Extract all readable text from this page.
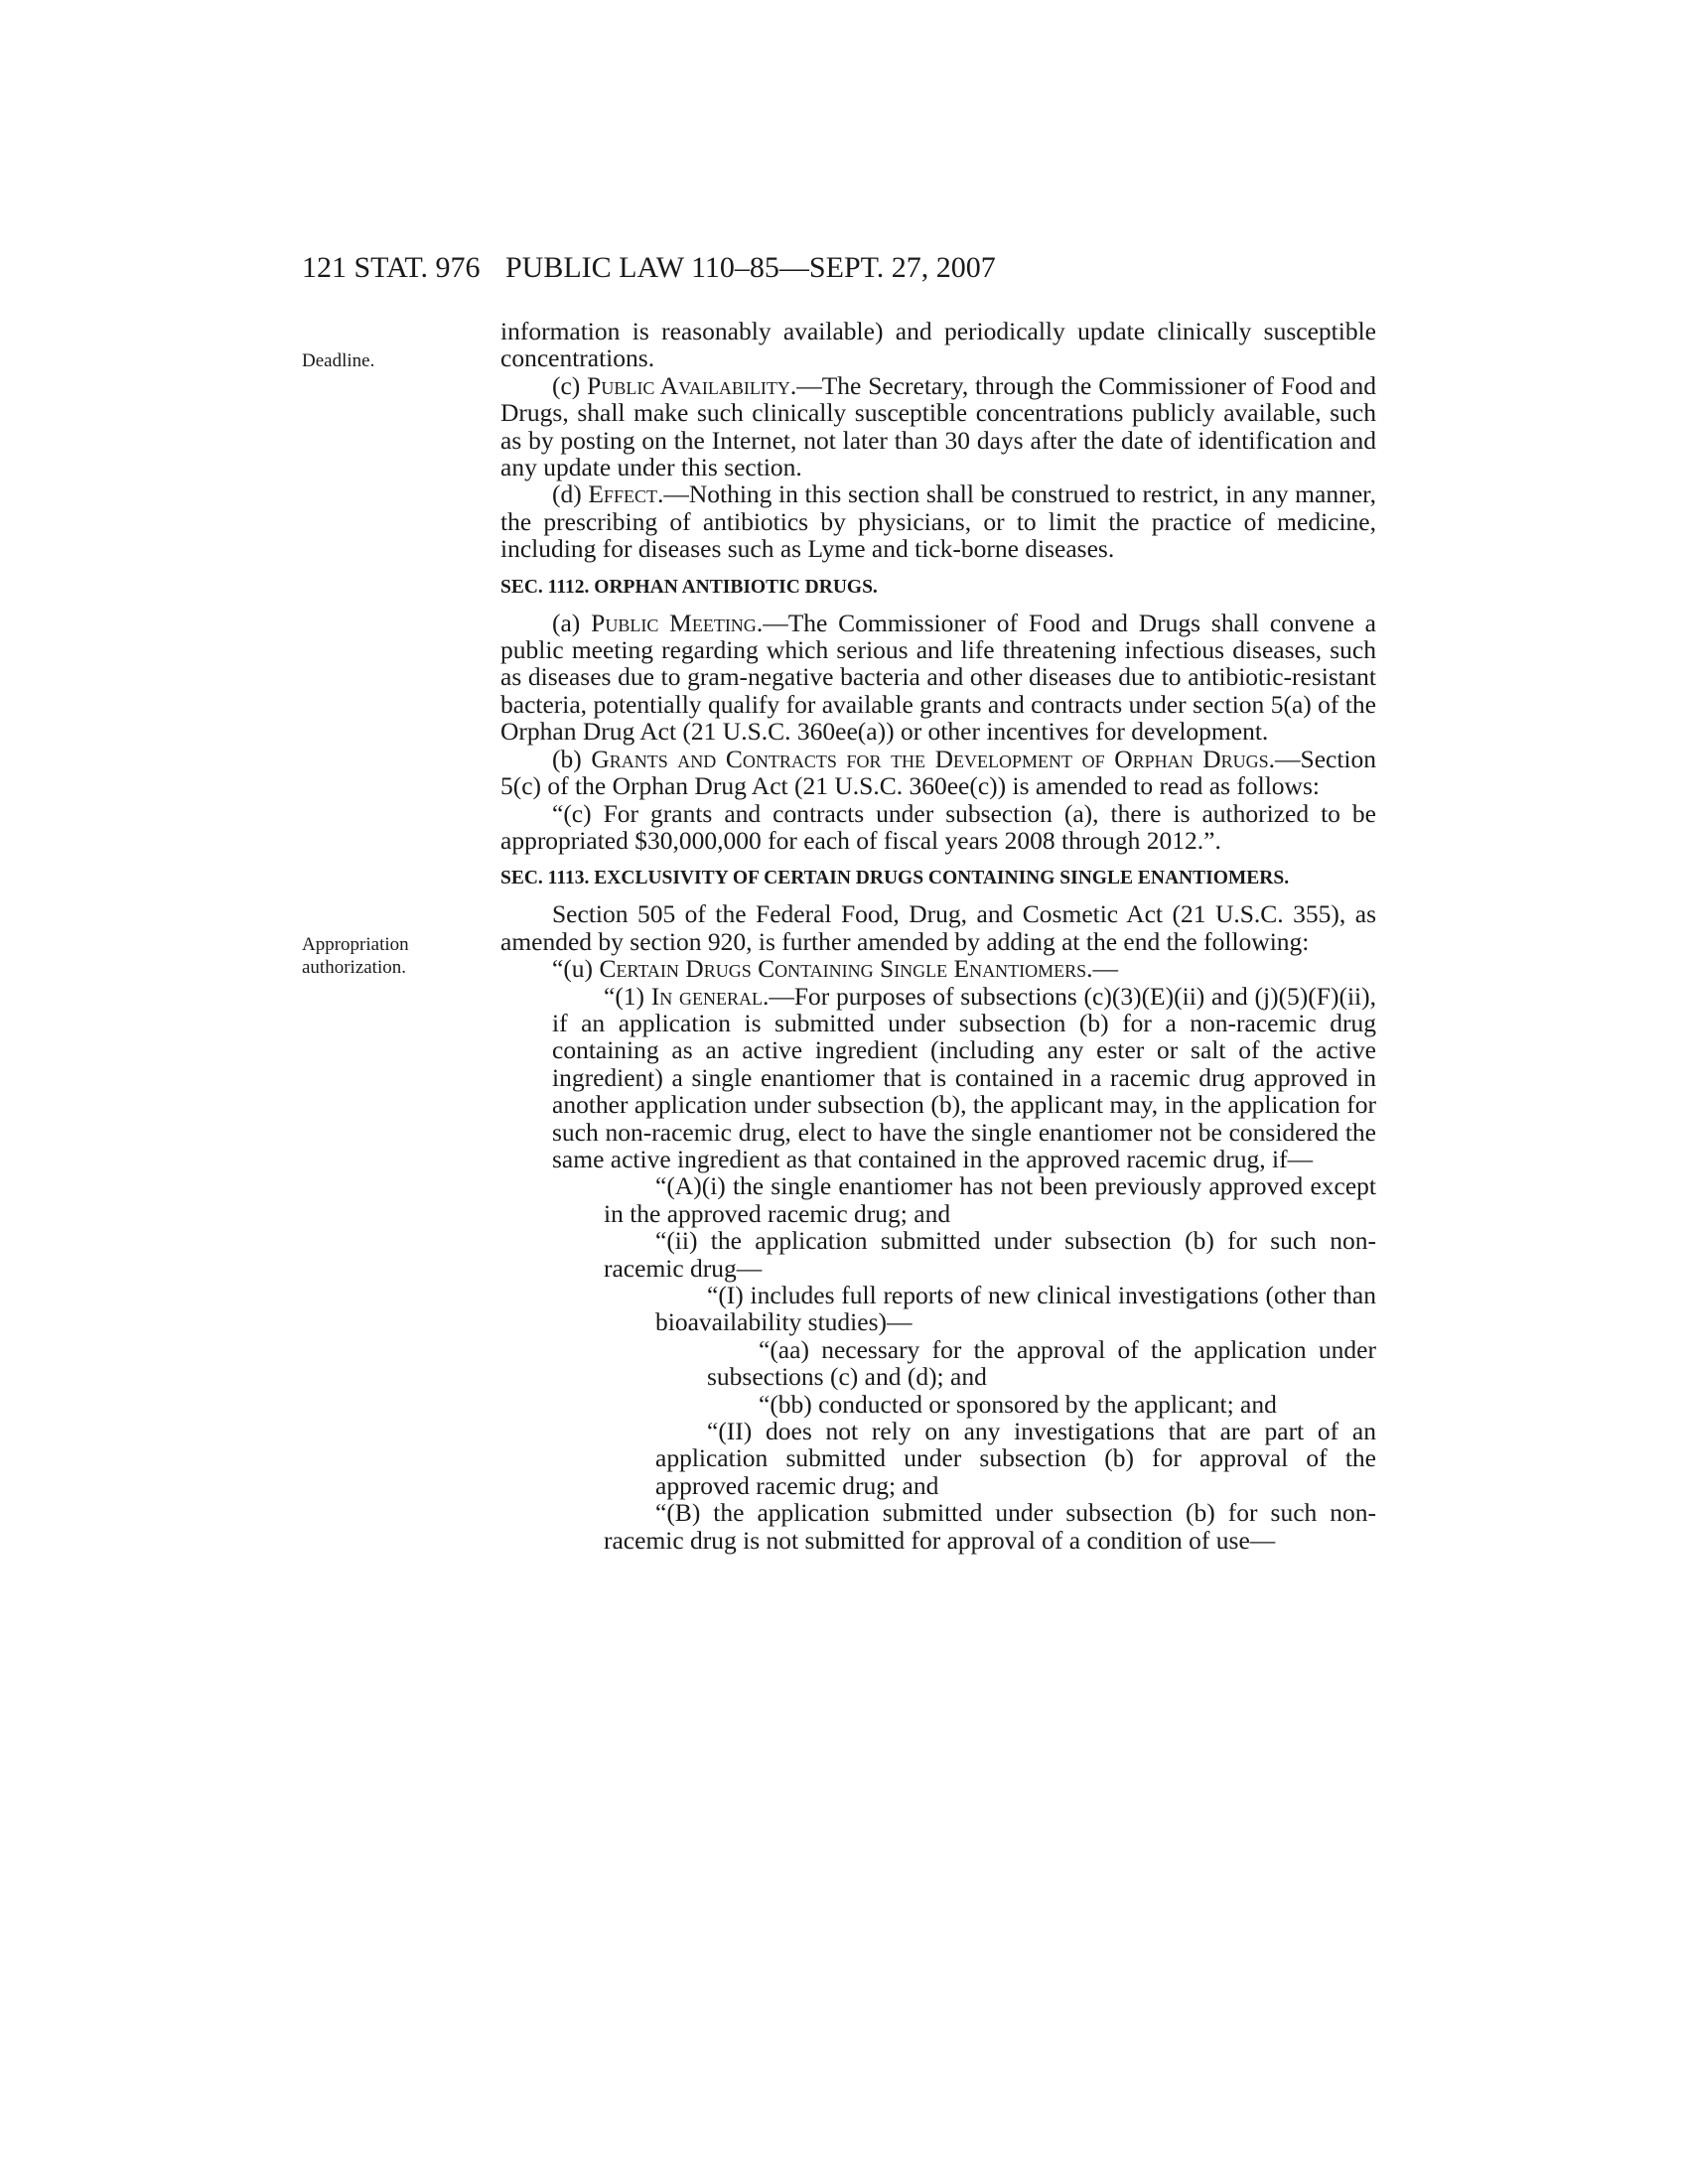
121 STAT. 976 PUBLIC LAW 110–85—SEPT. 27, 2007
Deadline.
Appropriation
authorization.

information is reasonably available) and periodically update clinically susceptible concentrations.

(c) Public Availability.—The Secretary, through the Commissioner of Food and Drugs, shall make such clinically susceptible concentrations publicly available, such as by posting on the Internet, not later than 30 days after the date of identification and any update under this section.

(d) Effect.—Nothing in this section shall be construed to restrict, in any manner, the prescribing of antibiotics by physicians, or to limit the practice of medicine, including for diseases such as Lyme and tick-borne diseases.

SEC. 1112. ORPHAN ANTIBIOTIC DRUGS.

(a) Public Meeting.—The Commissioner of Food and Drugs shall convene a public meeting regarding which serious and life threatening infectious diseases, such as diseases due to gram-negative bacteria and other diseases due to antibiotic-resistant bacteria, potentially qualify for available grants and contracts under section 5(a) of the Orphan Drug Act (21 U.S.C. 360ee(a)) or other incentives for development.

(b) Grants and Contracts for the Development of Orphan Drugs.—Section 5(c) of the Orphan Drug Act (21 U.S.C. 360ee(c)) is amended to read as follows:

“(c) For grants and contracts under subsection (a), there is authorized to be appropriated $30,000,000 for each of fiscal years 2008 through 2012.”.

SEC. 1113. EXCLUSIVITY OF CERTAIN DRUGS CONTAINING SINGLE ENANTIOMERS.

Section 505 of the Federal Food, Drug, and Cosmetic Act (21 U.S.C. 355), as amended by section 920, is further amended by adding at the end the following:

“(u) Certain Drugs Containing Single Enantiomers.—

“(1) In general.—For purposes of subsections (c)(3)(E)(ii) and (j)(5)(F)(ii), if an application is submitted under subsection (b) for a non-racemic drug containing as an active ingredient (including any ester or salt of the active ingredient) a single enantiomer that is contained in a racemic drug approved in another application under subsection (b), the applicant may, in the application for such non-racemic drug, elect to have the single enantiomer not be considered the same active ingredient as that contained in the approved racemic drug, if—

“(A)(i) the single enantiomer has not been previously approved except in the approved racemic drug; and

“(ii) the application submitted under subsection (b) for such non-racemic drug—

“(I) includes full reports of new clinical investigations (other than bioavailability studies)—

“(aa) necessary for the approval of the application under subsections (c) and (d); and

“(bb) conducted or sponsored by the applicant; and

“(II) does not rely on any investigations that are part of an application submitted under subsection (b) for approval of the approved racemic drug; and

“(B) the application submitted under subsection (b) for such non-racemic drug is not submitted for approval of a condition of use—
